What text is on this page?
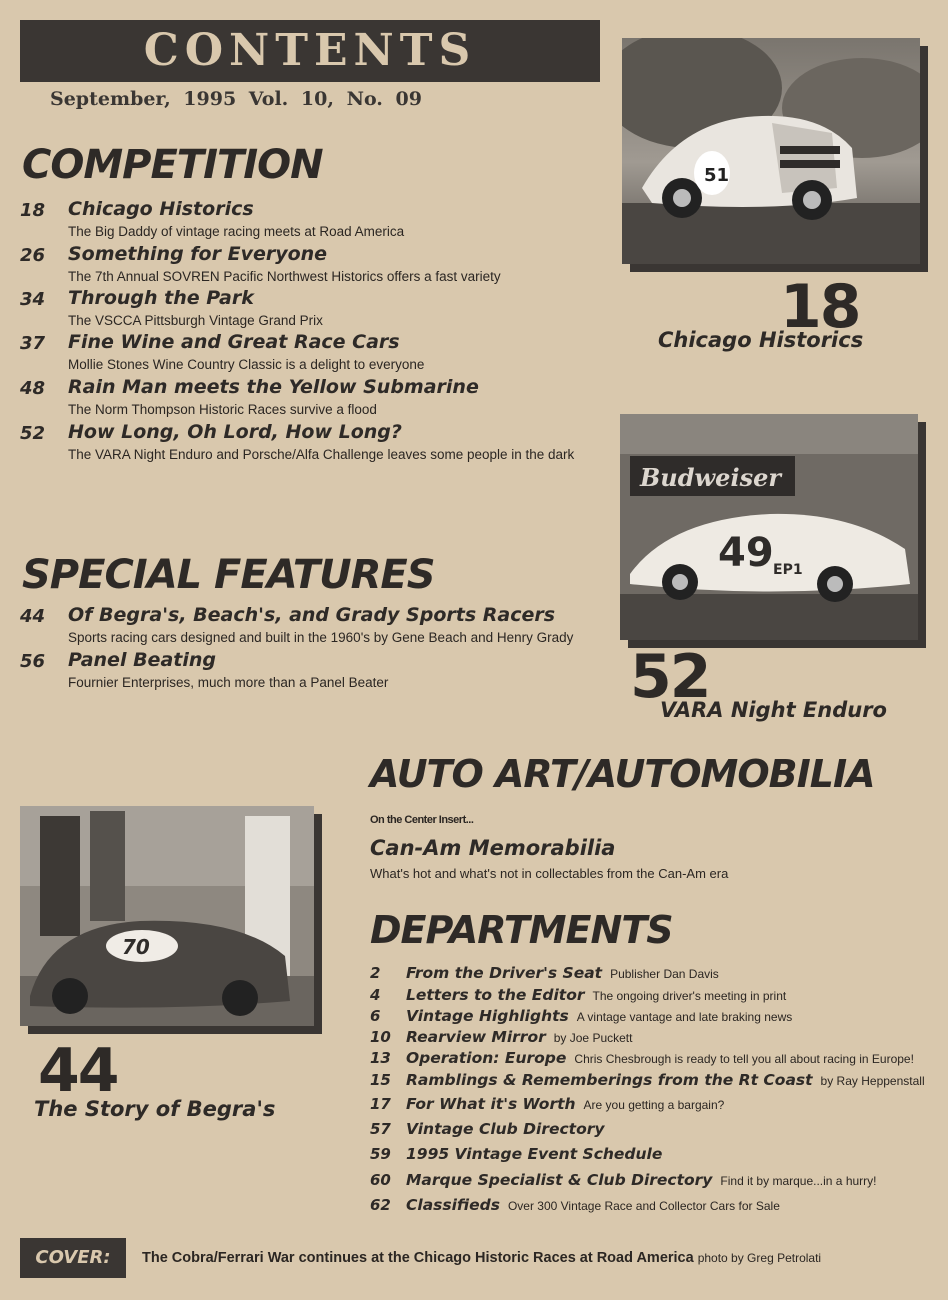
CONTENTS
September, 1995 Vol. 10, No. 09
COMPETITION
18 Chicago Historics
The Big Daddy of vintage racing meets at Road America
26 Something for Everyone
The 7th Annual SOVREN Pacific Northwest Historics offers a fast variety
34 Through the Park
The VSCCA Pittsburgh Vintage Grand Prix
37 Fine Wine and Great Race Cars
Mollie Stones Wine Country Classic is a delight to everyone
48 Rain Man meets the Yellow Submarine
The Norm Thompson Historic Races survive a flood
52 How Long, Oh Lord, How Long?
The VARA Night Enduro and Porsche/Alfa Challenge leaves some people in the dark
SPECIAL FEATURES
44 Of Begra's, Beach's, and Grady Sports Racers
Sports racing cars designed and built in the 1960's by Gene Beach and Henry Grady
56 Panel Beating
Fournier Enterprises, much more than a Panel Beater
51
18
Chicago Historics
Budweiser
49 EP1
52
VARA Night Enduro
AUTO ART/AUTOMOBILIA
On the Center Insert...
Can-Am Memorabilia
What's hot and what's not in collectables from the Can-Am era
70
44
The Story of Begra's
DEPARTMENTS
2 From the Driver's Seat Publisher Dan Davis
4 Letters to the Editor The ongoing driver's meeting in print
6 Vintage Highlights A vintage vantage and late braking news
10 Rearview Mirror by Joe Puckett
13 Operation: Europe Chris Chesbrough is ready to tell you all about racing in Europe!
15 Ramblings & Rememberings from the Rt Coast by Ray Heppenstall
17 For What it's Worth Are you getting a bargain?
57 Vintage Club Directory
59 1995 Vintage Event Schedule
60 Marque Specialist & Club Directory Find it by marque...in a hurry!
62 Classifieds Over 300 Vintage Race and Collector Cars for Sale
COVER:	The Cobra/Ferrari War continues at the Chicago Historic Races at Road America photo by Greg Petrolati
